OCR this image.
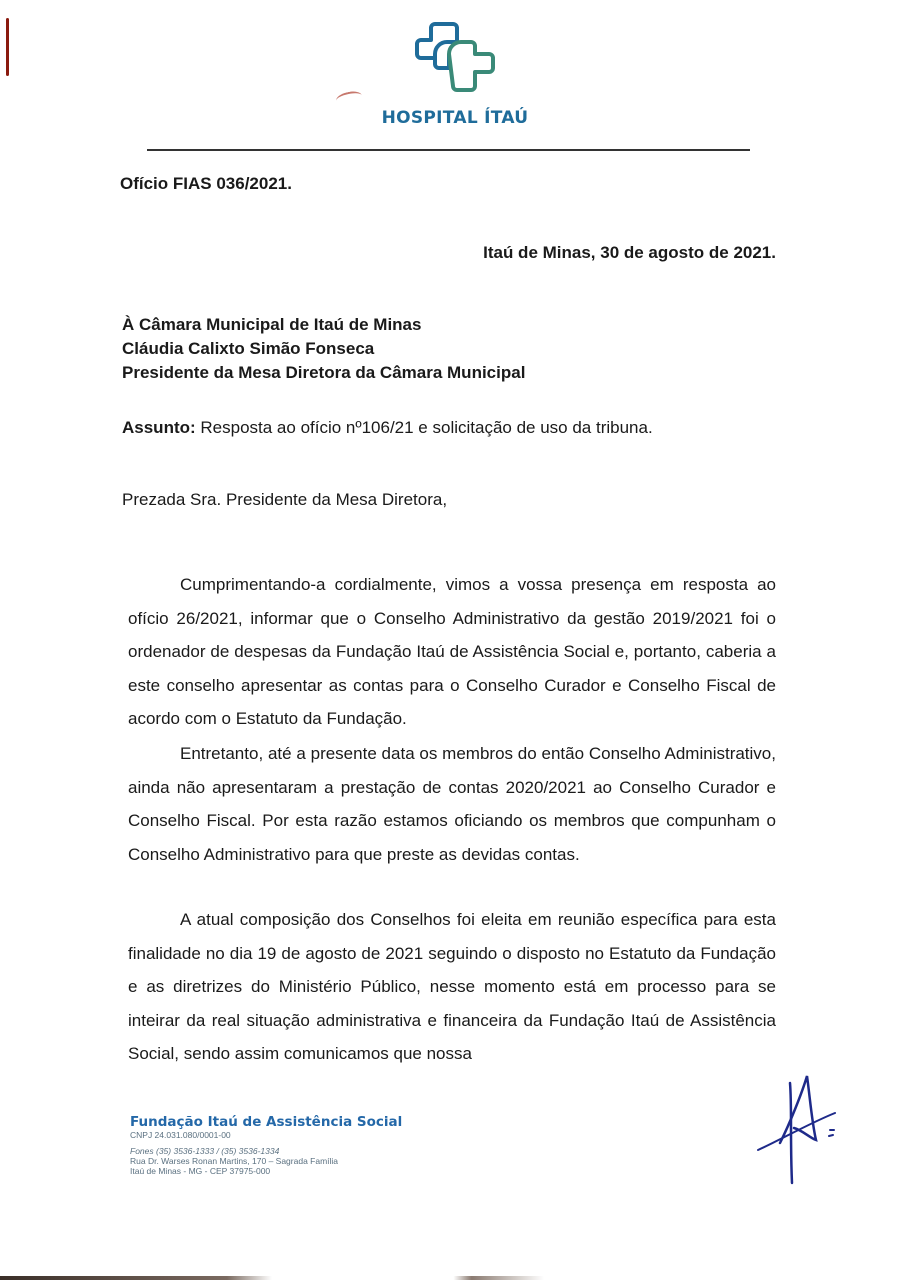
HOSPITAL ÍTAÚ
Ofício FIAS 036/2021.
Itaú de Minas, 30 de agosto de 2021.
À Câmara Municipal de Itaú de Minas
Cláudia Calixto Simão Fonseca
Presidente da Mesa Diretora da Câmara Municipal
Assunto: Resposta ao ofício nº106/21 e solicitação de uso da tribuna.
Prezada Sra. Presidente da Mesa Diretora,

Cumprimentando-a cordialmente, vimos a vossa presença em resposta ao ofício 26/2021, informar que o Conselho Administrativo da gestão 2019/2021 foi o ordenador de despesas da Fundação Itaú de Assistência Social e, portanto, caberia a este conselho apresentar as contas para o Conselho Curador e Conselho Fiscal de acordo com o Estatuto da Fundação.

Entretanto, até a presente data os membros do então Conselho Administrativo, ainda não apresentaram a prestação de contas 2020/2021 ao Conselho Curador e Conselho Fiscal. Por esta razão estamos oficiando os membros que compunham o Conselho Administrativo para que preste as devidas contas.

A atual composição dos Conselhos foi eleita em reunião específica para esta finalidade no dia 19 de agosto de 2021 seguindo o disposto no Estatuto da Fundação e as diretrizes do Ministério Público, nesse momento está em processo para se inteirar da real situação administrativa e financeira da Fundação Itaú de Assistência Social, sendo assim comunicamos que nossa

Fundação Itaú de Assistência Social
CNPJ 24.031.080/0001-00
Fones (35) 3536-1333 / (35) 3536-1334
Rua Dr. Warses Ronan Martins, 170 – Sagrada Família
Itaú de Minas - MG - CEP 37975-000
